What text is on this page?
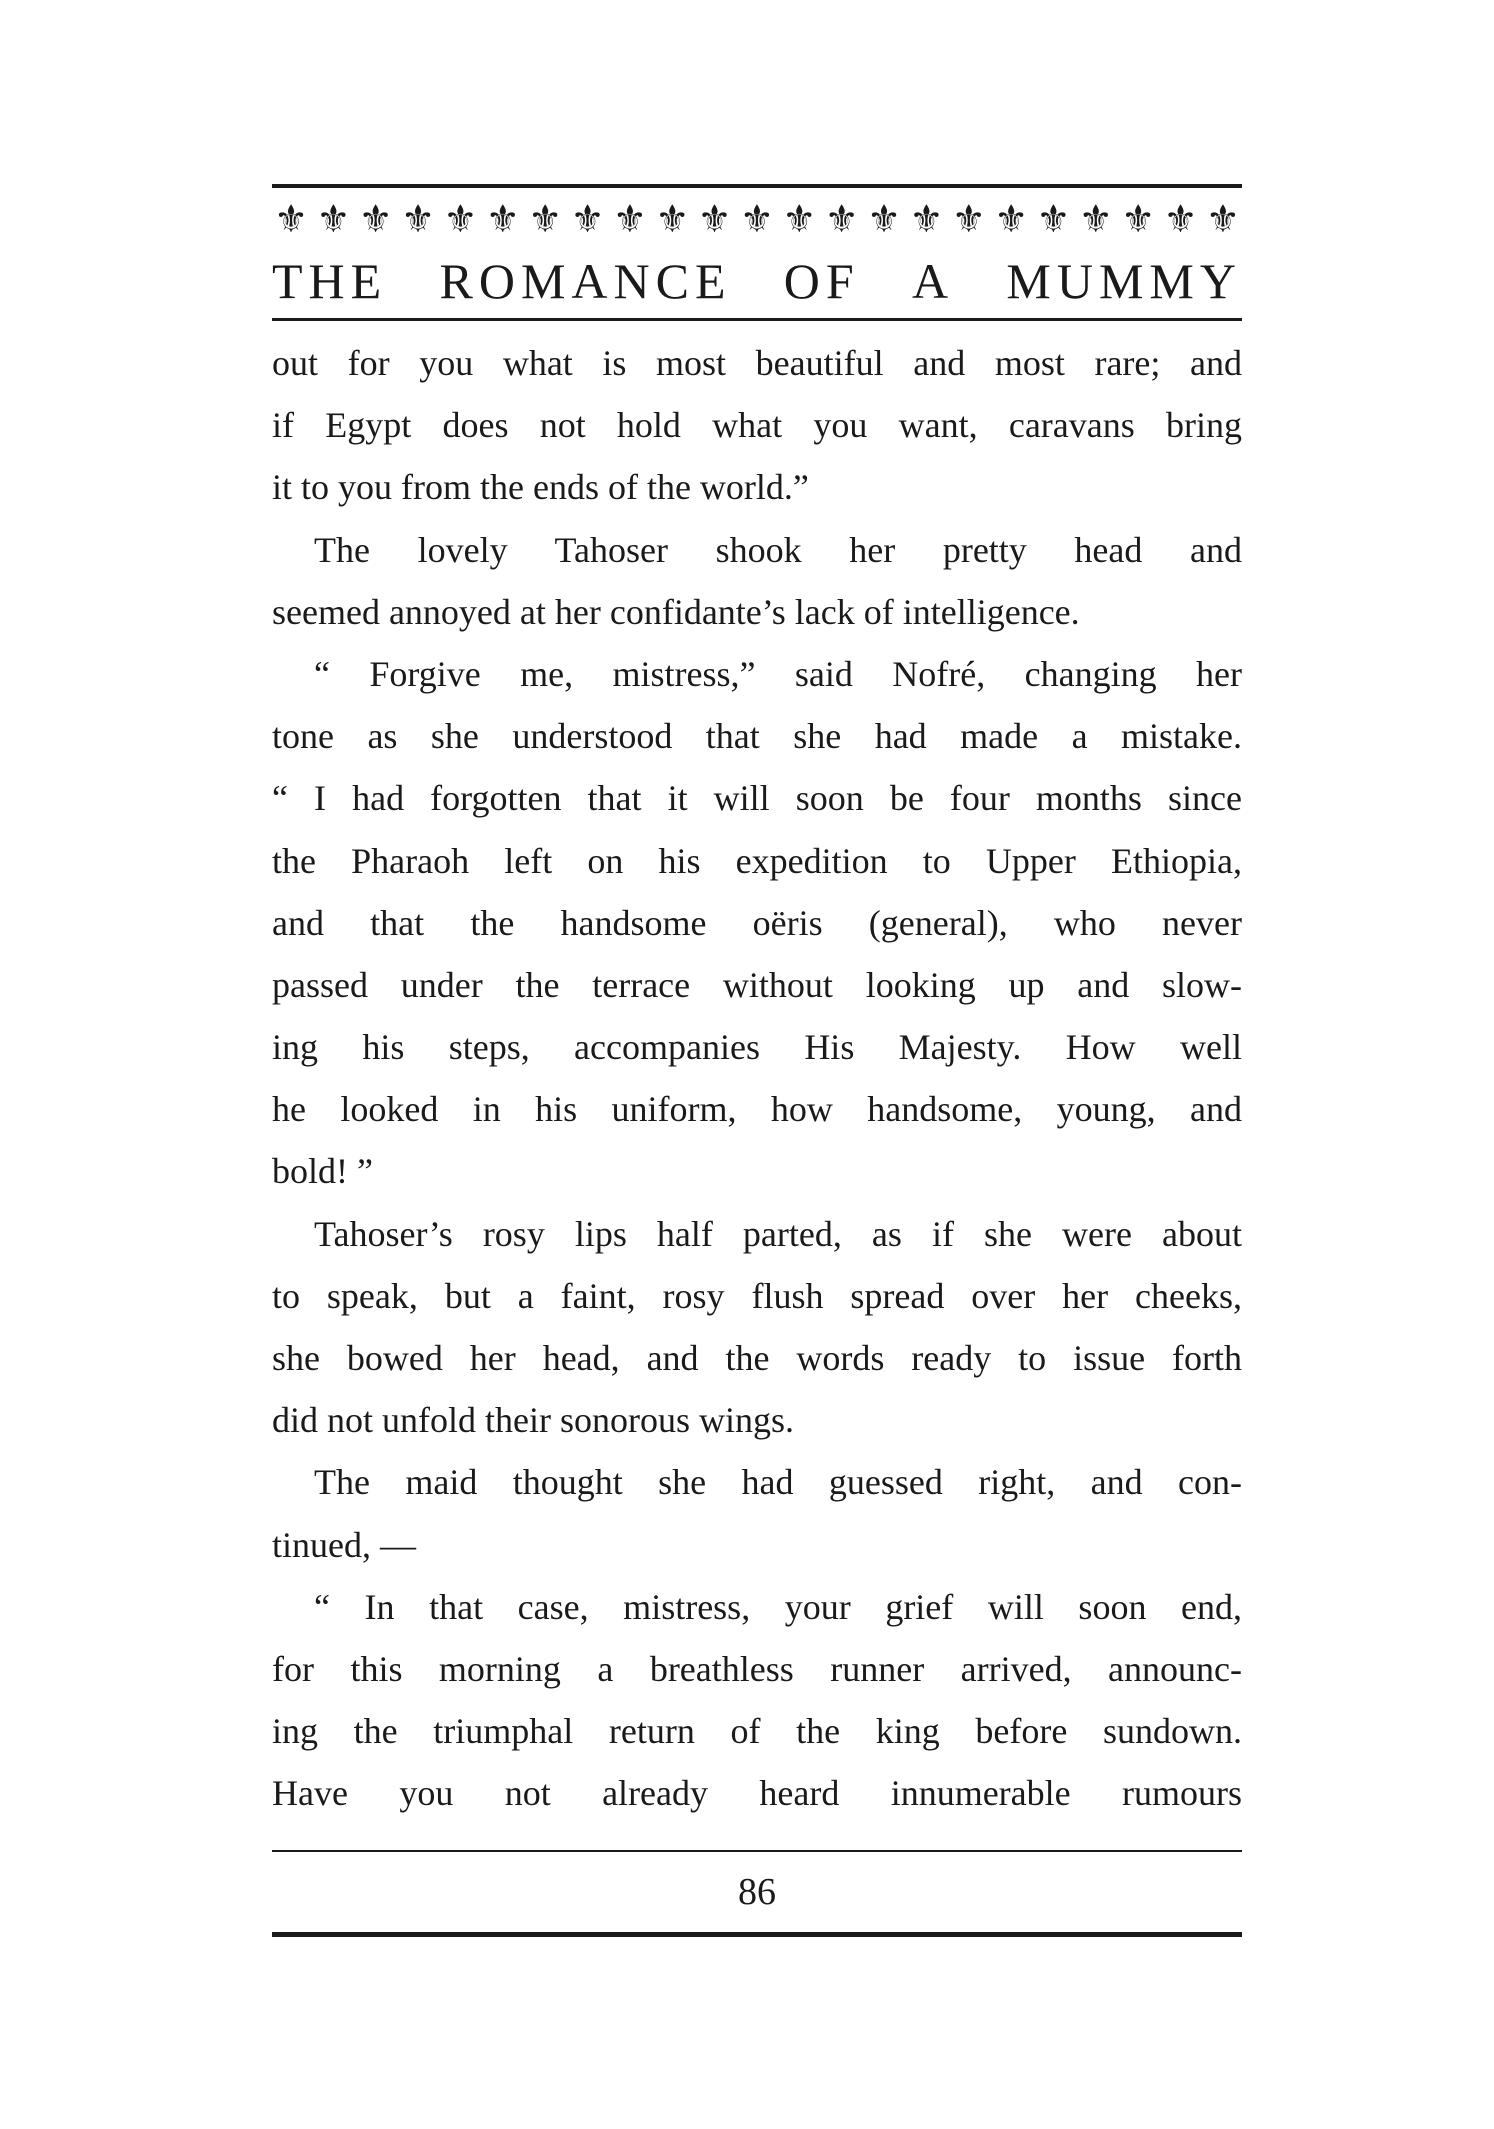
⚜ ⚜ ⚜ ⚜ ⚜ ⚜ ⚜ ⚜ ⚜ ⚜ ⚜ ⚜ ⚜ ⚜ ⚜ ⚜ ⚜ ⚜ ⚜ ⚜ ⚜ ⚜ ⚜
THE ROMANCE OF A MUMMY
out for you what is most beautiful and most rare; and
if Egypt does not hold what you want, caravans bring
it to you from the ends of the world.”
The lovely Tahoser shook her pretty head and
seemed annoyed at her confidante’s lack of intelligence.
“ Forgive me, mistress,” said Nofré, changing her
tone as she understood that she had made a mistake.
“ I had forgotten that it will soon be four months since
the Pharaoh left on his expedition to Upper Ethiopia,
and that the handsome oëris (general), who never
passed under the terrace without looking up and slow-
ing his steps, accompanies His Majesty. How well
he looked in his uniform, how handsome, young, and
bold! ”
Tahoser’s rosy lips half parted, as if she were about
to speak, but a faint, rosy flush spread over her cheeks,
she bowed her head, and the words ready to issue forth
did not unfold their sonorous wings.
The maid thought she had guessed right, and con-
tinued, —
“ In that case, mistress, your grief will soon end,
for this morning a breathless runner arrived, announc-
ing the triumphal return of the king before sundown.
Have you not already heard innumerable rumours
86
